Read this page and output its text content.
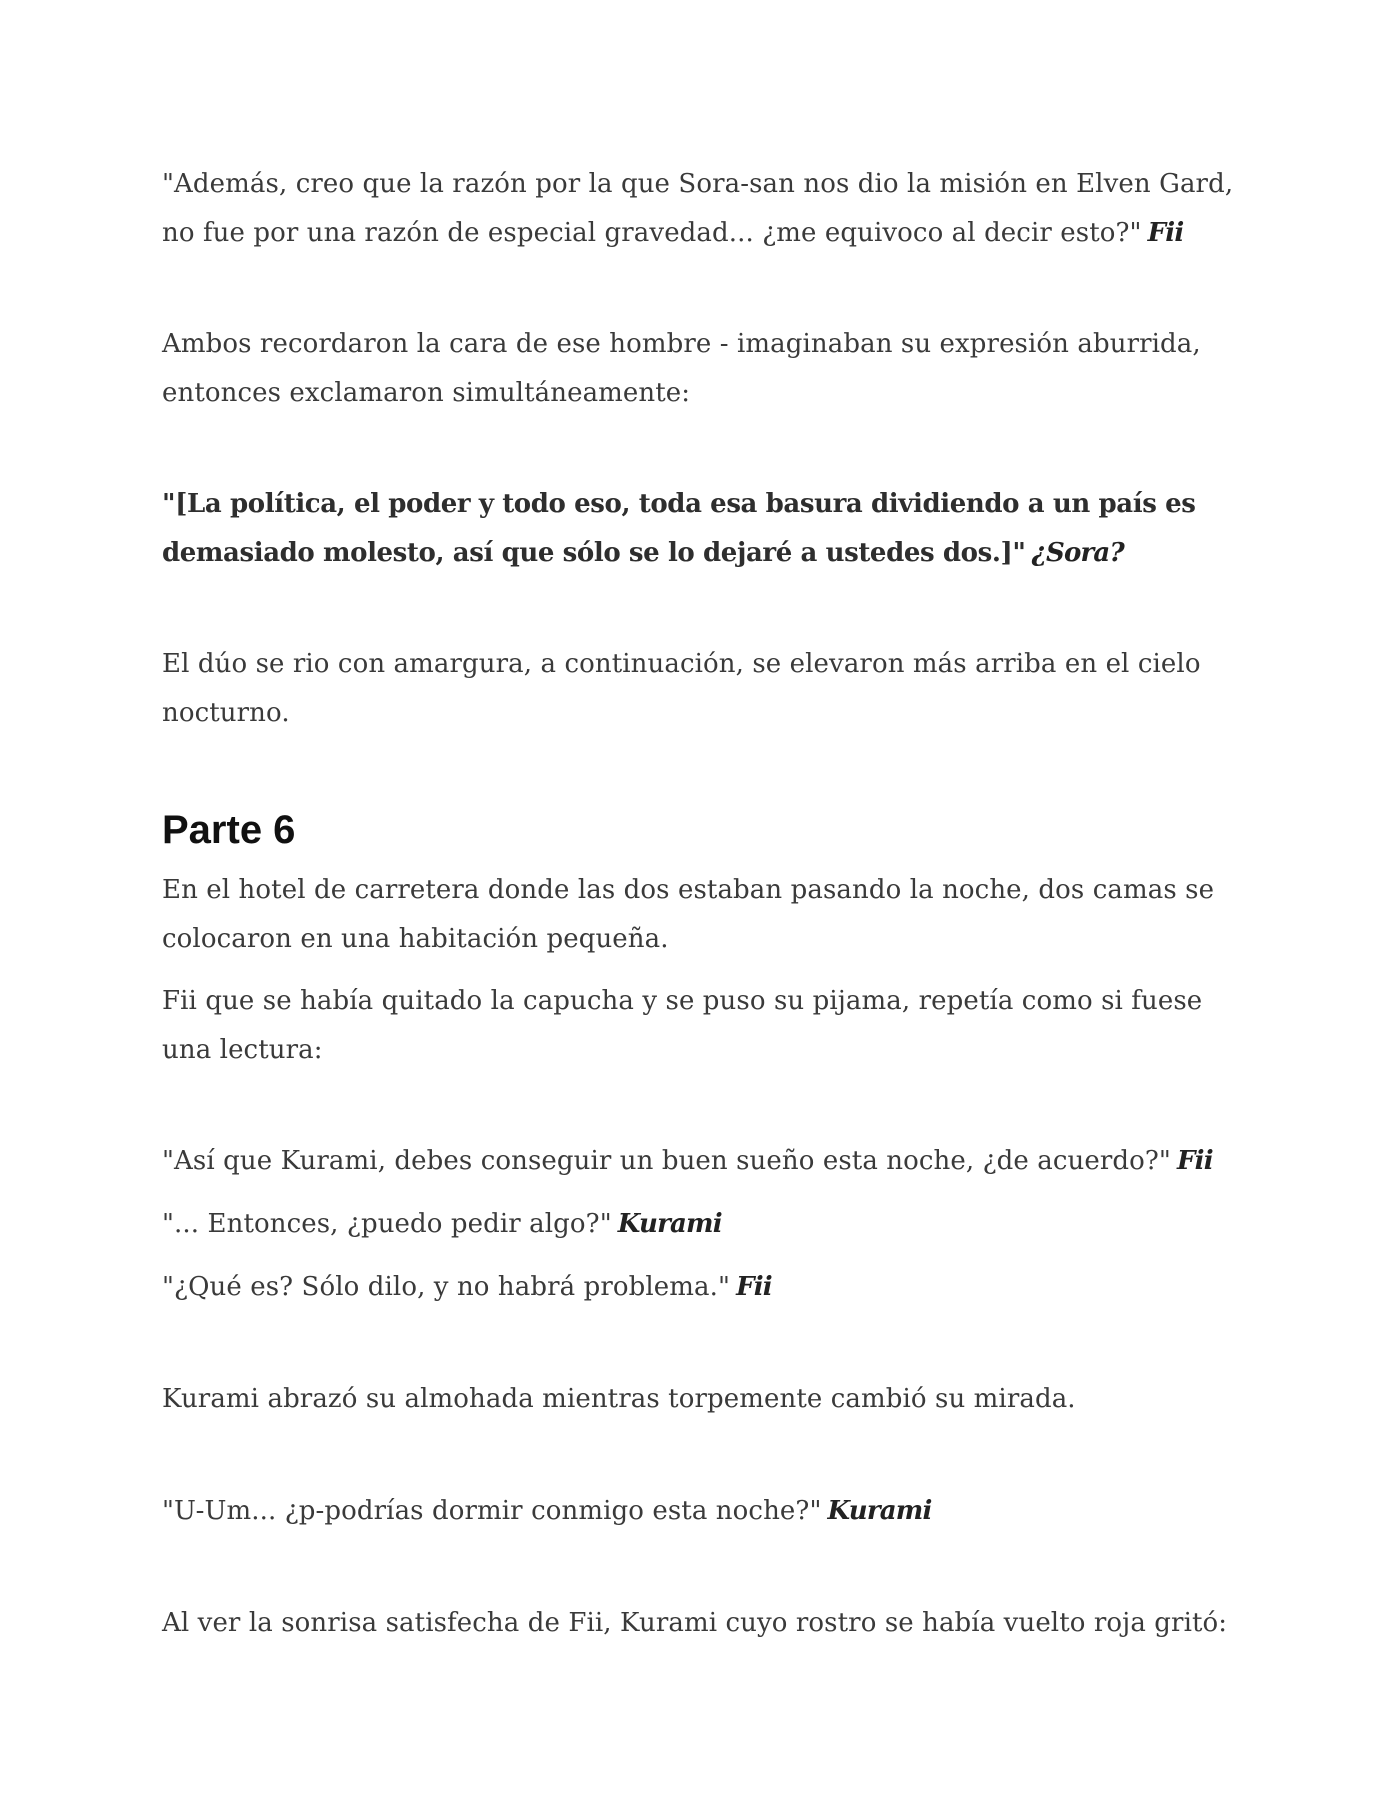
"Además, creo que la razón por la que Sora-san nos dio la misión en Elven Gard, no fue por una razón de especial gravedad... ¿me equivoco al decir esto?" Fii

Ambos recordaron la cara de ese hombre - imaginaban su expresión aburrida, entonces exclamaron simultáneamente:

"[La política, el poder y todo eso, toda esa basura dividiendo a un país es demasiado molesto, así que sólo se lo dejaré a ustedes dos.]" ¿Sora?

El dúo se rio con amargura, a continuación, se elevaron más arriba en el cielo nocturno.

Parte 6

En el hotel de carretera donde las dos estaban pasando la noche, dos camas se colocaron en una habitación pequeña.

Fii que se había quitado la capucha y se puso su pijama, repetía como si fuese una lectura:

"Así que Kurami, debes conseguir un buen sueño esta noche, ¿de acuerdo?" Fii

"... Entonces, ¿puedo pedir algo?" Kurami

"¿Qué es? Sólo dilo, y no habrá problema." Fii

Kurami abrazó su almohada mientras torpemente cambió su mirada.

"U-Um... ¿p-podrías dormir conmigo esta noche?" Kurami

Al ver la sonrisa satisfecha de Fii, Kurami cuyo rostro se había vuelto roja gritó:
